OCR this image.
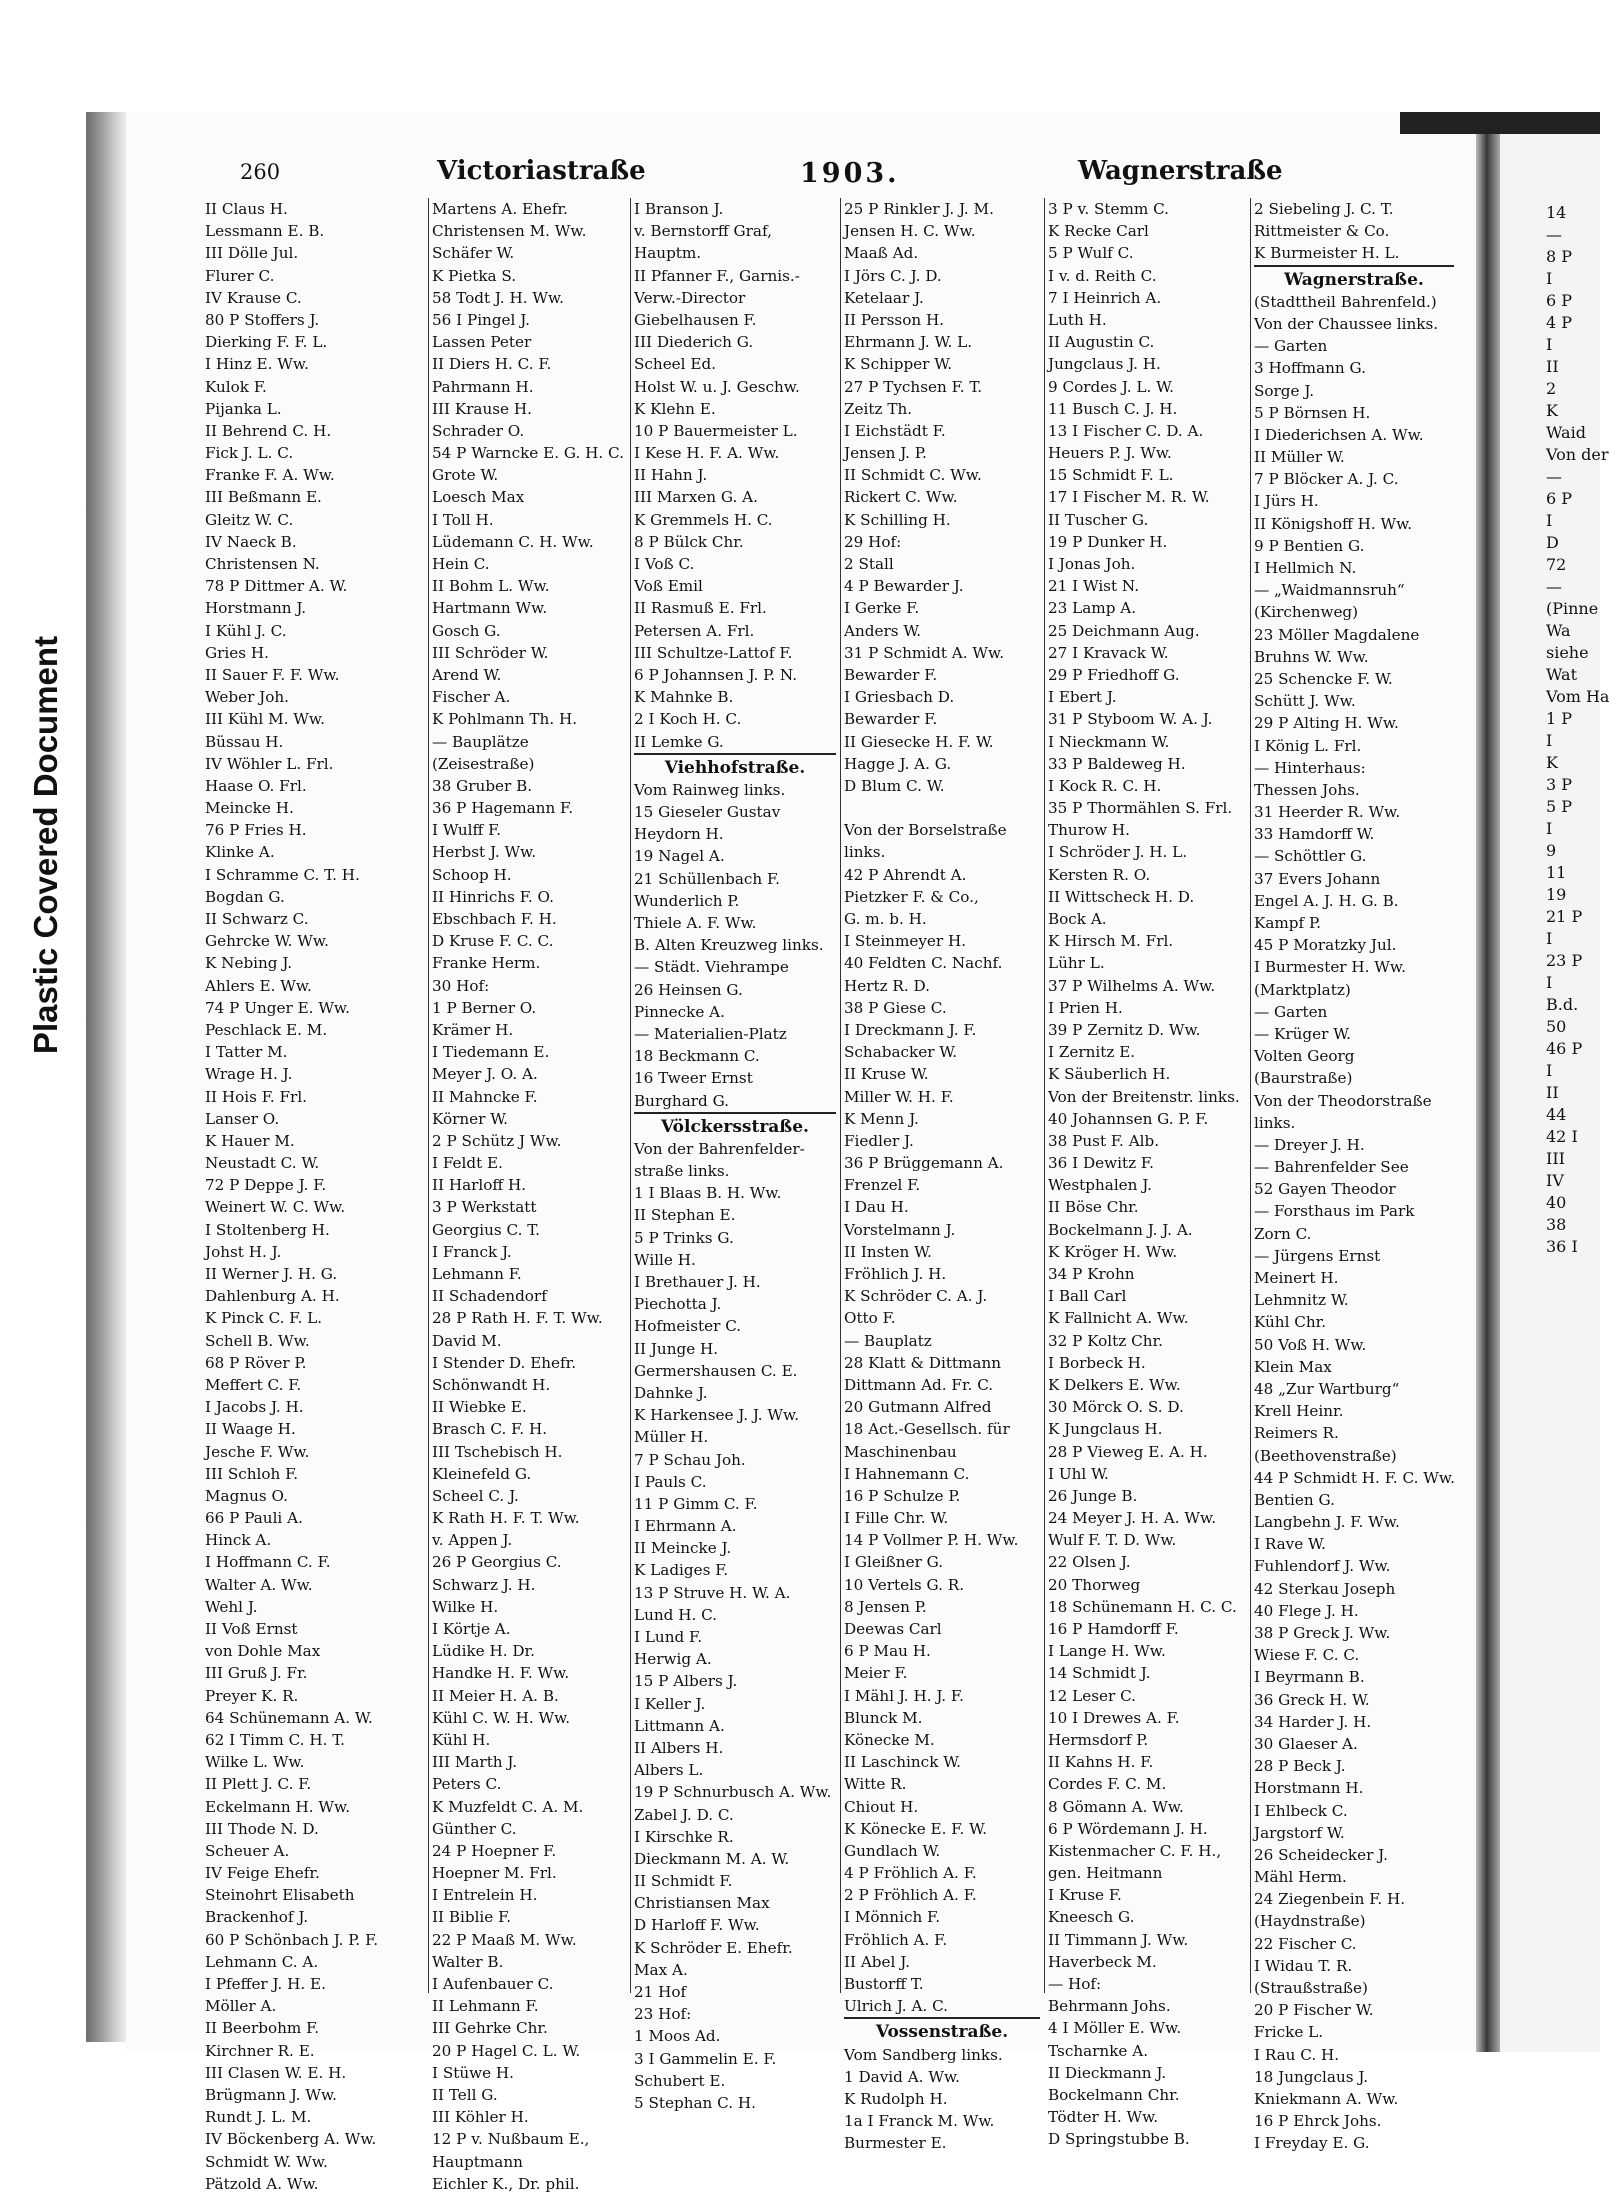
Plastic Covered Document
14
—
8 P
I
6 P
4 P
I
II
2
K
Waid
Von der
—
6 P
I
D
72
—
(Pinne
Wa
siehe
Wat
Vom Ha
1 P
I
K
3 P
5 P
I
9
11
19
21 P
I
23 P
I
B.d.
50
46 P
I
II
44
42 I
III
IV
40
38
36 I
260	Victoriastraße	1903.	Wagnerstraße
II Claus H.
Lessmann E. B.
III Dölle Jul.
Flurer C.
IV Krause C.
80 P Stoffers J.
Dierking F. F. L.
I Hinz E. Ww.
Kulok F.
Pijanka L.
II Behrend C. H.
Fick J. L. C.
Franke F. A. Ww.
III Beßmann E.
Gleitz W. C.
IV Naeck B.
Christensen N.
78 P Dittmer A. W.
Horstmann J.
I Kühl J. C.
Gries H.
II Sauer F. F. Ww.
Weber Joh.
III Kühl M. Ww.
Büssau H.
IV Wöhler L. Frl.
Haase O. Frl.
Meincke H.
76 P Fries H.
Klinke A.
I Schramme C. T. H.
Bogdan G.
II Schwarz C.
Gehrcke W. Ww.
K Nebing J.
Ahlers E. Ww.
74 P Unger E. Ww.
Peschlack E. M.
I Tatter M.
Wrage H. J.
II Hois F. Frl.
Lanser O.
K Hauer M.
Neustadt C. W.
72 P Deppe J. F.
Weinert W. C. Ww.
I Stoltenberg H.
Johst H. J.
II Werner J. H. G.
Dahlenburg A. H.
K Pinck C. F. L.
Schell B. Ww.
68 P Röver P.
Meffert C. F.
I Jacobs J. H.
II Waage H.
Jesche F. Ww.
III Schloh F.
Magnus O.
66 P Pauli A.
Hinck A.
I Hoffmann C. F.
Walter A. Ww.
Wehl J.
II Voß Ernst
von Dohle Max
III Gruß J. Fr.
Preyer K. R.
64 Schünemann A. W.
62 I Timm C. H. T.
Wilke L. Ww.
II Plett J. C. F.
Eckelmann H. Ww.
III Thode N. D.
Scheuer A.
IV Feige Ehefr.
Steinohrt Elisabeth
Brackenhof J.
60 P Schönbach J. P. F.
Lehmann C. A.
I Pfeffer J. H. E.
Möller A.
II Beerbohm F.
Kirchner R. E.
III Clasen W. E. H.
Brügmann J. Ww.
Rundt J. L. M.
IV Böckenberg A. Ww.
Schmidt W. Ww.
Pätzold A. Ww.
Martens A. Ehefr.
Christensen M. Ww.
Schäfer W.
K Pietka S.
58 Todt J. H. Ww.
56 I Pingel J.
Lassen Peter
II Diers H. C. F.
Pahrmann H.
III Krause H.
Schrader O.
54 P Warncke E. G. H. C.
Grote W.
Loesch Max
I Toll H.
Lüdemann C. H. Ww.
Hein C.
II Bohm L. Ww.
Hartmann Ww.
Gosch G.
III Schröder W.
Arend W.
Fischer A.
K Pohlmann Th. H.
— Bauplätze
(Zeisestraße)
38 Gruber B.
36 P Hagemann F.
I Wulff F.
Herbst J. Ww.
Schoop H.
II Hinrichs F. O.
Ebschbach F. H.
D Kruse F. C. C.
Franke Herm.
30 Hof:
1 P Berner O.
Krämer H.
I Tiedemann E.
Meyer J. O. A.
II Mahncke F.
Körner W.
2 P Schütz J Ww.
I Feldt E.
II Harloff H.
3 P Werkstatt
Georgius C. T.
I Franck J.
Lehmann F.
II Schadendorf
28 P Rath H. F. T. Ww.
David M.
I Stender D. Ehefr.
Schönwandt H.
II Wiebke E.
Brasch C. F. H.
III Tschebisch H.
Kleinefeld G.
Scheel C. J.
K Rath H. F. T. Ww.
v. Appen J.
26 P Georgius C.
Schwarz J. H.
Wilke H.
I Körtje A.
Lüdike H. Dr.
Handke H. F. Ww.
II Meier H. A. B.
Kühl C. W. H. Ww.
Kühl H.
III Marth J.
Peters C.
K Muzfeldt C. A. M.
Günther C.
24 P Hoepner F.
Hoepner M. Frl.
I Entrelein H.
II Biblie F.
22 P Maaß M. Ww.
Walter B.
I Aufenbauer C.
II Lehmann F.
III Gehrke Chr.
20 P Hagel C. L. W.
I Stüwe H.
II Tell G.
III Köhler H.
12 P v. Nußbaum E.,
Hauptmann
Eichler K., Dr. phil.
I Branson J.
v. Bernstorff Graf,
Hauptm.
II Pfanner F., Garnis.-
Verw.-Director
Giebelhausen F.
III Diederich G.
Scheel Ed.
Holst W. u. J. Geschw.
K Klehn E.
10 P Bauermeister L.
I Kese H. F. A. Ww.
II Hahn J.
III Marxen G. A.
K Gremmels H. C.
8 P Bülck Chr.
I Voß C.
Voß Emil
II Rasmuß E. Frl.
Petersen A. Frl.
III Schultze-Lattof F.
6 P Johannsen J. P. N.
K Mahnke B.
2 I Koch H. C.
II Lemke G.
Viehhofstraße.
Vom Rainweg links.
15 Gieseler Gustav
Heydorn H.
19 Nagel A.
21 Schüllenbach F.
Wunderlich P.
Thiele A. F. Ww.
B. Alten Kreuzweg links.
— Städt. Viehrampe
26 Heinsen G.
Pinnecke A.
— Materialien-Platz
18 Beckmann C.
16 Tweer Ernst
Burghard G.
Völckersstraße.
Von der Bahrenfelder-
straße links.
1 I Blaas B. H. Ww.
II Stephan E.
5 P Trinks G.
Wille H.
I Brethauer J. H.
Piechotta J.
Hofmeister C.
II Junge H.
Germershausen C. E.
Dahnke J.
K Harkensee J. J. Ww.
Müller H.
7 P Schau Joh.
I Pauls C.
11 P Gimm C. F.
I Ehrmann A.
II Meincke J.
K Ladiges F.
13 P Struve H. W. A.
Lund H. C.
I Lund F.
Herwig A.
15 P Albers J.
I Keller J.
Littmann A.
II Albers H.
Albers L.
19 P Schnurbusch A. Ww.
Zabel J. D. C.
I Kirschke R.
Dieckmann M. A. W.
II Schmidt F.
Christiansen Max
D Harloff F. Ww.
K Schröder E. Ehefr.
Max A.
21 Hof
23 Hof:
1 Moos Ad.
3 I Gammelin E. F.
Schubert E.
5 Stephan C. H.
25 P Rinkler J. J. M.
Jensen H. C. Ww.
Maaß Ad.
I Jörs C. J. D.
Ketelaar J.
II Persson H.
Ehrmann J. W. L.
K Schipper W.
27 P Tychsen F. T.
Zeitz Th.
I Eichstädt F.
Jensen J. P.
II Schmidt C. Ww.
Rickert C. Ww.
K Schilling H.
29 Hof:
2 Stall
4 P Bewarder J.
I Gerke F.
Anders W.
31 P Schmidt A. Ww.
Bewarder F.
I Griesbach D.
Bewarder F.
II Giesecke H. F. W.
Hagge J. A. G.
D Blum C. W.
Von der Borselstraße
links.
42 P Ahrendt A.
Pietzker F. & Co.,
G. m. b. H.
I Steinmeyer H.
40 Feldten C. Nachf.
Hertz R. D.
38 P Giese C.
I Dreckmann J. F.
Schabacker W.
II Kruse W.
Miller W. H. F.
K Menn J.
Fiedler J.
36 P Brüggemann A.
Frenzel F.
I Dau H.
Vorstelmann J.
II Insten W.
Fröhlich J. H.
K Schröder C. A. J.
Otto F.
— Bauplatz
28 Klatt & Dittmann
Dittmann Ad. Fr. C.
20 Gutmann Alfred
18 Act.-Gesellsch. für
Maschinenbau
I Hahnemann C.
16 P Schulze P.
I Fille Chr. W.
14 P Vollmer P. H. Ww.
I Gleißner G.
10 Vertels G. R.
8 Jensen P.
Deewas Carl
6 P Mau H.
Meier F.
I Mähl J. H. J. F.
Blunck M.
Könecke M.
II Laschinck W.
Witte R.
Chiout H.
K Könecke E. F. W.
Gundlach W.
4 P Fröhlich A. F.
2 P Fröhlich A. F.
I Mönnich F.
Fröhlich A. F.
II Abel J.
Bustorff T.
Ulrich J. A. C.
Vossenstraße.
Vom Sandberg links.
1 David A. Ww.
K Rudolph H.
1a I Franck M. Ww.
Burmester E.
3 P v. Stemm C.
K Recke Carl
5 P Wulf C.
I v. d. Reith C.
7 I Heinrich A.
Luth H.
II Augustin C.
Jungclaus J. H.
9 Cordes J. L. W.
11 Busch C. J. H.
13 I Fischer C. D. A.
Heuers P. J. Ww.
15 Schmidt F. L.
17 I Fischer M. R. W.
II Tuscher G.
19 P Dunker H.
I Jonas Joh.
21 I Wist N.
23 Lamp A.
25 Deichmann Aug.
27 I Kravack W.
29 P Friedhoff G.
I Ebert J.
31 P Styboom W. A. J.
I Nieckmann W.
33 P Baldeweg H.
I Kock R. C. H.
35 P Thormählen S. Frl.
Thurow H.
I Schröder J. H. L.
Kersten R. O.
II Wittscheck H. D.
Bock A.
K Hirsch M. Frl.
Lühr L.
37 P Wilhelms A. Ww.
I Prien H.
39 P Zernitz D. Ww.
I Zernitz E.
K Säuberlich H.
Von der Breitenstr. links.
40 Johannsen G. P. F.
38 Pust F. Alb.
36 I Dewitz F.
Westphalen J.
II Böse Chr.
Bockelmann J. J. A.
K Kröger H. Ww.
34 P Krohn
I Ball Carl
K Fallnicht A. Ww.
32 P Koltz Chr.
I Borbeck H.
K Delkers E. Ww.
30 Mörck O. S. D.
K Jungclaus H.
28 P Vieweg E. A. H.
I Uhl W.
26 Junge B.
24 Meyer J. H. A. Ww.
Wulf F. T. D. Ww.
22 Olsen J.
20 Thorweg
18 Schünemann H. C. C.
16 P Hamdorff F.
I Lange H. Ww.
14 Schmidt J.
12 Leser C.
10 I Drewes A. F.
Hermsdorf P.
II Kahns H. F.
Cordes F. C. M.
8 Gömann A. Ww.
6 P Wördemann J. H.
Kistenmacher C. F. H.,
gen. Heitmann
I Kruse F.
Kneesch G.
II Timmann J. Ww.
Haverbeck M.
— Hof:
Behrmann Johs.
4 I Möller E. Ww.
Tscharnke A.
II Dieckmann J.
Bockelmann Chr.
Tödter H. Ww.
D Springstubbe B.
2 Siebeling J. C. T.
Rittmeister & Co.
K Burmeister H. L.
Wagnerstraße.
(Stadttheil Bahrenfeld.)
Von der Chaussee links.
— Garten
3 Hoffmann G.
Sorge J.
5 P Börnsen H.
I Diederichsen A. Ww.
II Müller W.
7 P Blöcker A. J. C.
I Jürs H.
II Königshoff H. Ww.
9 P Bentien G.
I Hellmich N.
— „Waidmannsruh“
(Kirchenweg)
23 Möller Magdalene
Bruhns W. Ww.
25 Schencke F. W.
Schütt J. Ww.
29 P Alting H. Ww.
I König L. Frl.
— Hinterhaus:
Thessen Johs.
31 Heerder R. Ww.
33 Hamdorff W.
— Schöttler G.
37 Evers Johann
Engel A. J. H. G. B.
Kampf P.
45 P Moratzky Jul.
I Burmester H. Ww.
(Marktplatz)
— Garten
— Krüger W.
Volten Georg
(Baurstraße)
Von der Theodorstraße
links.
— Dreyer J. H.
— Bahrenfelder See
52 Gayen Theodor
— Forsthaus im Park
Zorn C.
— Jürgens Ernst
Meinert H.
Lehmnitz W.
Kühl Chr.
50 Voß H. Ww.
Klein Max
48 „Zur Wartburg“
Krell Heinr.
Reimers R.
(Beethovenstraße)
44 P Schmidt H. F. C. Ww.
Bentien G.
Langbehn J. F. Ww.
I Rave W.
Fuhlendorf J. Ww.
42 Sterkau Joseph
40 Flege J. H.
38 P Greck J. Ww.
Wiese F. C. C.
I Beyrmann B.
36 Greck H. W.
34 Harder J. H.
30 Glaeser A.
28 P Beck J.
Horstmann H.
I Ehlbeck C.
Jargstorf W.
26 Scheidecker J.
Mähl Herm.
24 Ziegenbein F. H.
(Haydnstraße)
22 Fischer C.
I Widau T. R.
(Straußstraße)
20 P Fischer W.
Fricke L.
I Rau C. H.
18 Jungclaus J.
Kniekmann A. Ww.
16 P Ehrck Johs.
I Freyday E. G.
